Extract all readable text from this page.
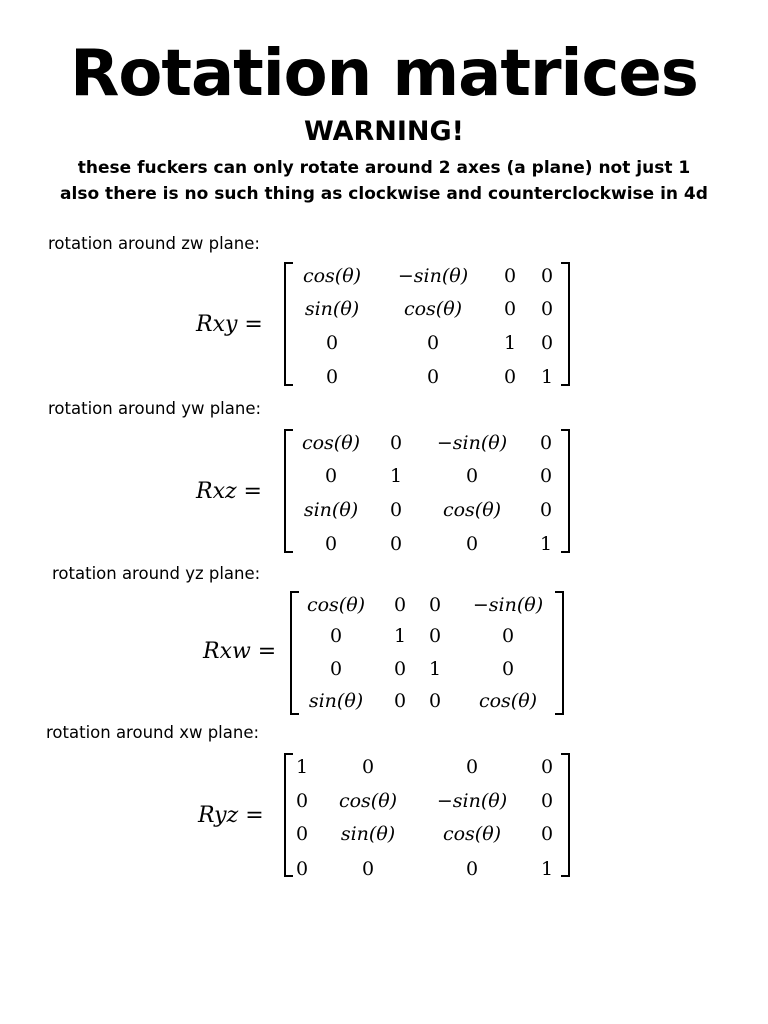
Rotation matrices
WARNING!
these fuckers can only rotate around 2 axes (a plane) not just 1
also there is no such thing as clockwise and counterclockwise in 4d
rotation around zw plane:
Rxy =
cos(θ) −sin(θ) 0 0
sin(θ) cos(θ) 0 0
0	0	1 0
0	0	0 1
rotation around yw plane:
Rxz =
cos(θ) 0 −sin(θ) 0
0	1	0	0
sin(θ) 0 cos(θ) 0
0	0	0	1
rotation around yz plane:
Rxw =
cos(θ) 0 0 −sin(θ)
0	1 0	0
0	0 1	0
sin(θ) 0 0 cos(θ)
rotation around xw plane:
Ryz =
1	0	0	0
0 cos(θ) −sin(θ) 0
0 sin(θ)	cos(θ) 0
0	0	0	1
